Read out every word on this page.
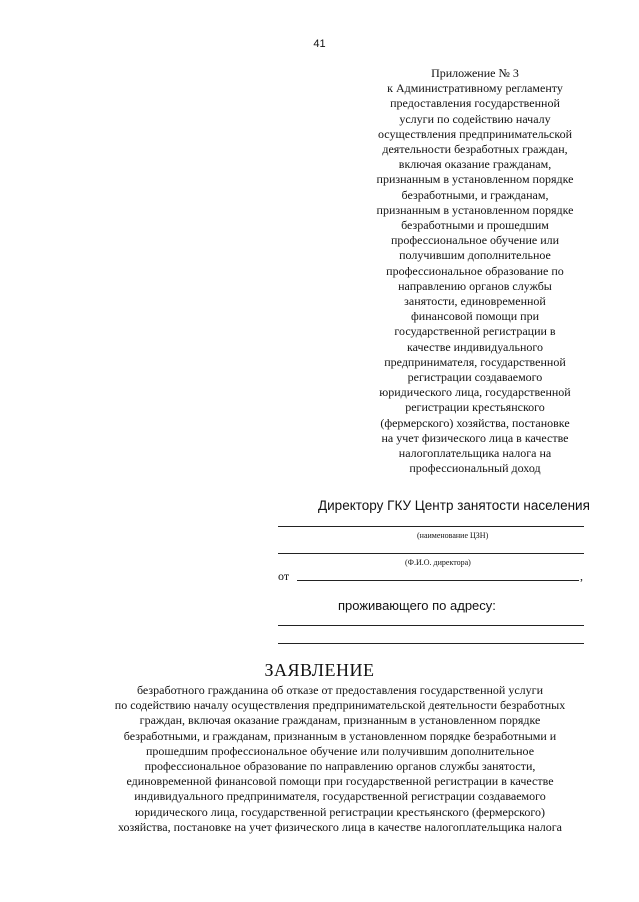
41
Приложение № 3
к Административному регламенту
предоставления государственной
услуги по содействию началу
осуществления предпринимательской
деятельности безработных граждан,
включая оказание гражданам,
признанным в установленном порядке
безработными, и гражданам,
признанным в установленном порядке
безработными и прошедшим
профессиональное обучение или
получившим дополнительное
профессиональное образование по
направлению органов службы
занятости, единовременной
финансовой помощи при
государственной регистрации в
качестве индивидуального
предпринимателя, государственной
регистрации создаваемого
юридического лица, государственной
регистрации крестьянского
(фермерского) хозяйства, постановке
на учет физического лица в качестве
налогоплательщика налога на
профессиональный доход
Директору ГКУ Центр занятости населения
(наименование ЦЗН)
(Ф.И.О. директора)
от	,
проживающего по адресу:
ЗАЯВЛЕНИЕ
безработного гражданина об отказе от предоставления государственной услуги
по содействию началу осуществления предпринимательской деятельности безработных
граждан, включая оказание гражданам, признанным в установленном порядке
безработными, и гражданам, признанным в установленном порядке безработными и
прошедшим профессиональное обучение или получившим дополнительное
профессиональное образование по направлению органов службы занятости,
единовременной финансовой помощи при государственной регистрации в качестве
индивидуального предпринимателя, государственной регистрации создаваемого
юридического лица, государственной регистрации крестьянского (фермерского)
хозяйства, постановке на учет физического лица в качестве налогоплательщика налога
